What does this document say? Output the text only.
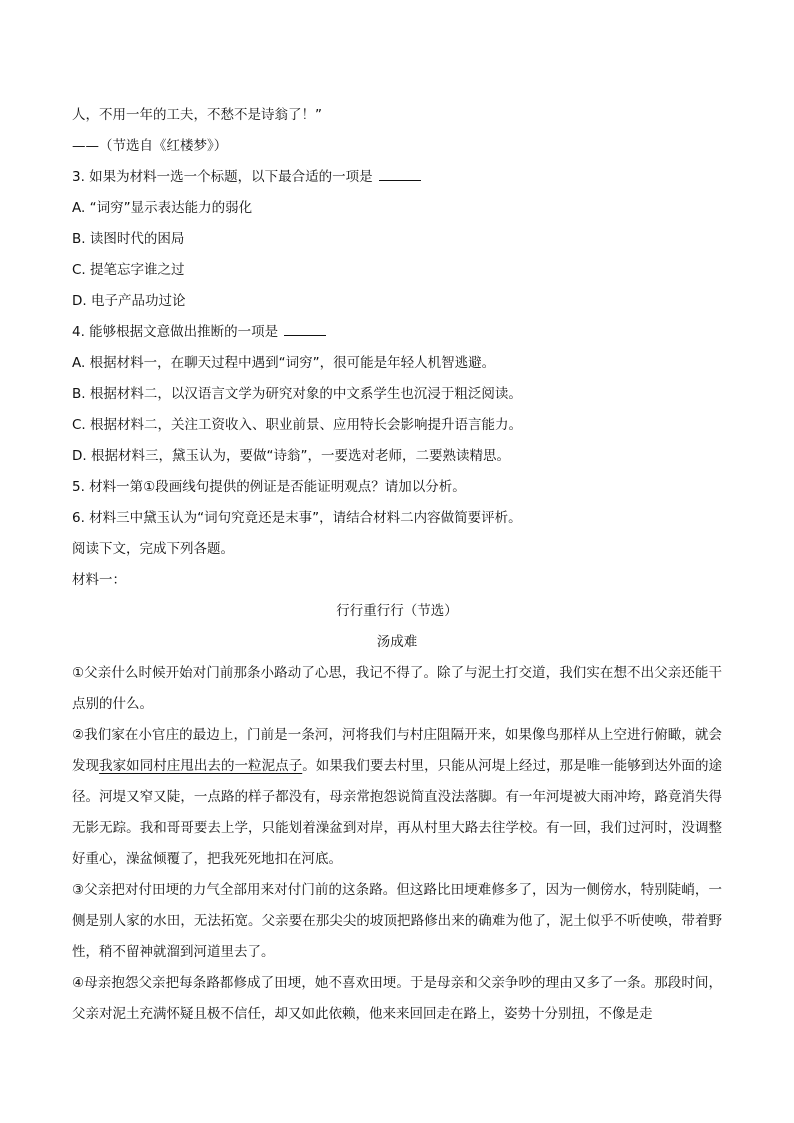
人，不用一年的工夫，不愁不是诗翁了！”
——（节选自《红楼梦》）
3. 如果为材料一选一个标题，以下最合适的一项是
A. “词穷”显示表达能力的弱化
B. 读图时代的困局
C. 提笔忘字谁之过
D. 电子产品功过论
4. 能够根据文意做出推断的一项是
A. 根据材料一，在聊天过程中遇到“词穷”，很可能是年轻人机智逃避。
B. 根据材料二，以汉语言文学为研究对象的中文系学生也沉浸于粗泛阅读。
C. 根据材料二，关注工资收入、职业前景、应用特长会影响提升语言能力。
D. 根据材料三，黛玉认为，要做“诗翁”，一要选对老师，二要熟读精思。
5. 材料一第①段画线句提供的例证是否能证明观点？请加以分析。
6. 材料三中黛玉认为“词句究竟还是末事”，请结合材料二内容做简要评析。
阅读下文，完成下列各题。
材料一：
行行重行行（节选）
汤成难
①父亲什么时候开始对门前那条小路动了心思，我记不得了。除了与泥土打交道，我们实在想不出父亲还能干点别的什么。
②我们家在小官庄的最边上，门前是一条河，河将我们与村庄阻隔开来，如果像鸟那样从上空进行俯瞰，就会发现我家如同村庄甩出去的一粒泥点子。如果我们要去村里，只能从河堤上经过，那是唯一能够到达外面的途径。河堤又窄又陡，一点路的样子都没有，母亲常抱怨说简直没法落脚。有一年河堤被大雨冲垮，路竟消失得无影无踪。我和哥哥要去上学，只能划着澡盆到对岸，再从村里大路去往学校。有一回，我们过河时，没调整好重心，澡盆倾覆了，把我死死地扣在河底。
③父亲把对付田埂的力气全部用来对付门前的这条路。但这路比田埂难修多了，因为一侧傍水，特别陡峭，一侧是别人家的水田，无法拓宽。父亲要在那尖尖的坡顶把路修出来的确难为他了，泥土似乎不听使唤，带着野性，稍不留神就溜到河道里去了。
④母亲抱怨父亲把每条路都修成了田埂，她不喜欢田埂。于是母亲和父亲争吵的理由又多了一条。那段时间，父亲对泥土充满怀疑且极不信任，却又如此依赖，他来来回回走在路上，姿势十分别扭，不像是走
